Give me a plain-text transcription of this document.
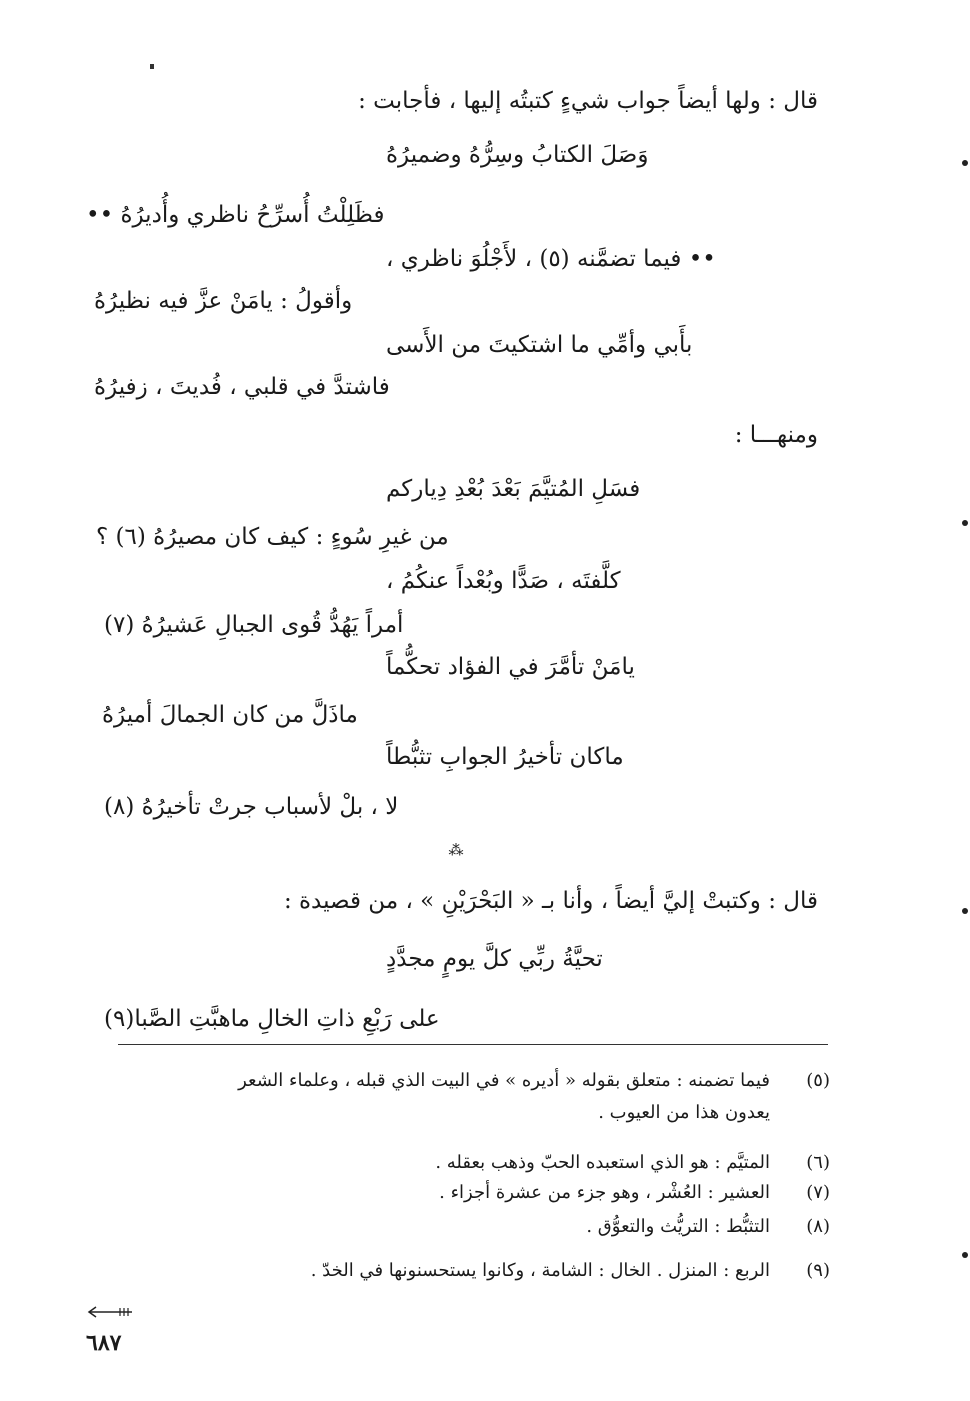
قال : ولها أيضاً جواب شيءٍ كتبتُه إليها ، فأجابت :
وَصَلَ الكتابُ وسِرُّهُ وضميرُهُ
فظَلِلْتُ أُسرِّحُ ناظري وأُديرُهُ ••
•• فيما تضمَّنه (٥) ، لأَجْلُوَ ناظري ،
وأقولُ : يامَنْ عزَّ فيه نظيرُهُ
بأَبي وأمِّي ما اشتكيتَ من الأَسى
فاشتدَّ في قلبي ، فُديتَ ، زفيرُهُ
ومنهـــا :
فسَلِ المُتيَّمَ بَعْدَ بُعْدِ دِياركم
من غيرِ سُوءٍ : كيف كان مصيرُهُ (٦) ؟
كلَّفتَه ، صَدًّا وبُعْداً عنكُمُ ،
أمراً يَهُدُّ قُوى الجبالِ عَشيرُهُ (٧)
يامَنْ تأمَّرَ في الفؤاد تحكُّماً
ماذَلَّ من كان الجمالَ أميرُهُ
ماكان تأخيرُ الجوابِ تثبُّطاً
لا ، بلْ لأسباب جرتْ تأخيرُهُ (٨)
⁂
قال : وكتبتْ إليَّ أيضاً ، وأنا بـ « البَحْرَيْنِ » ، من قصيدة :
تحيَّةُ ربِّي كلَّ يومٍ مجدَّدٍ
على رَبْعِ ذاتِ الخالِ ماهبَّتِ الصَّبا(٩)
(٥)
فيما تضمنه : متعلق بقوله « أديره » في البيت الذي قبله ، وعلماء الشعر
يعدون هذا من العيوب .
(٦)
المتيَّم : هو الذي استعبده الحبّ وذهب بعقله .
(٧)
العشير : العُشْر ، وهو جزء من عشرة أجزاء .
(٨)
التثبُّط : التريُّث والتعوُّق .
(٩)
الربع : المنزل . الخال : الشامة ، وكانوا يستحسنونها في الخدّ .
٦٨٧
